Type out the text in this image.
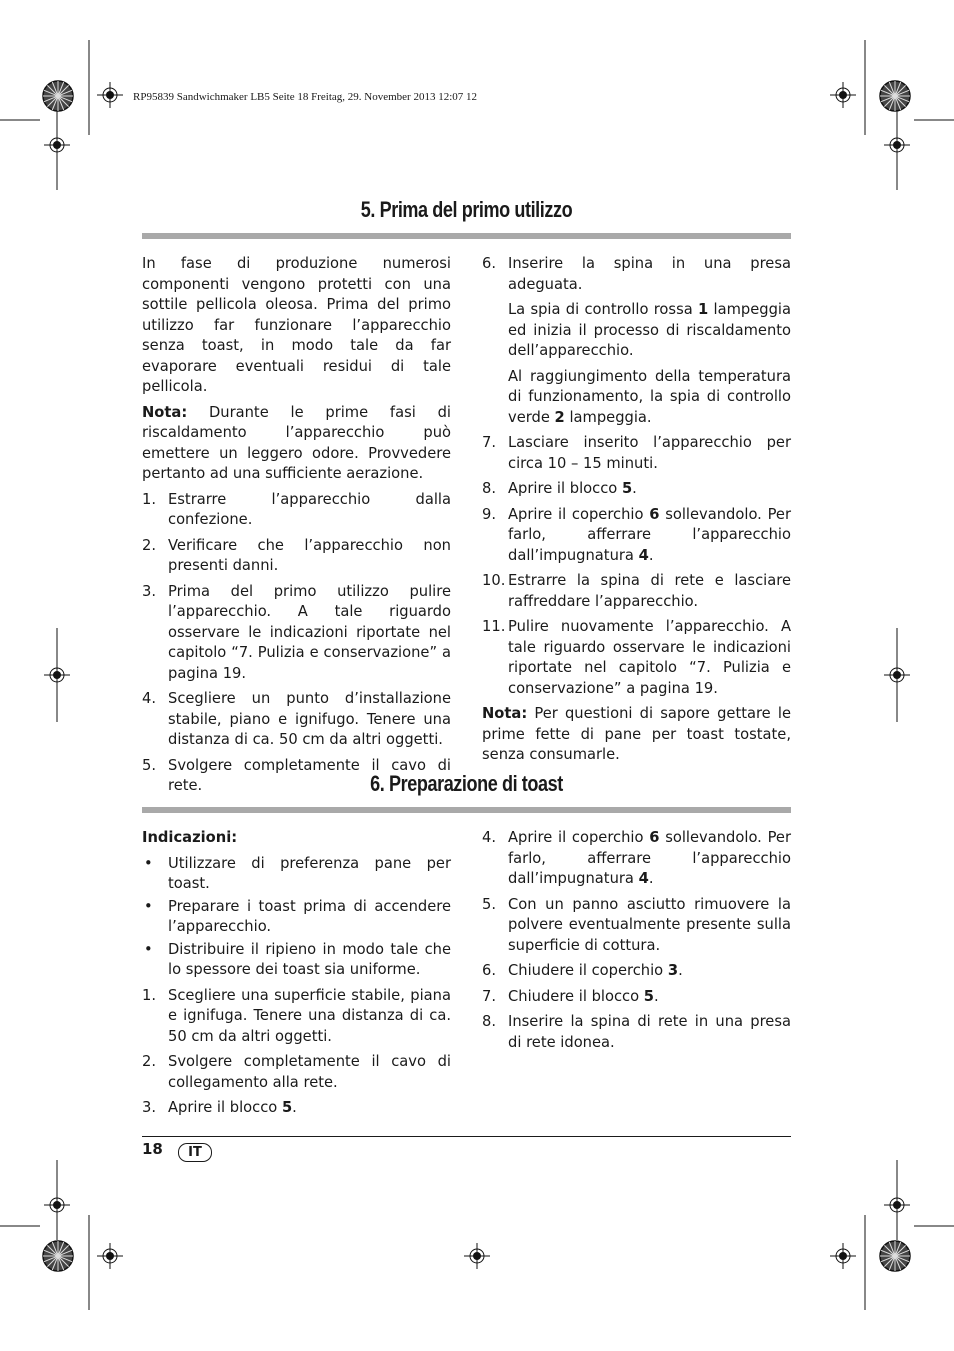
RP95839 Sandwichmaker LB5 Seite 18 Freitag, 29. November 2013 12:07 12
5. Prima del primo utilizzo

In fase di produzione numerosi componenti vengono protetti con una sottile pellicola oleosa. Prima del primo utilizzo far funzionare l’apparecchio senza toast, in modo tale da far evaporare eventuali residui di tale pellicola.

Nota: Durante le prime fasi di riscaldamento l’apparecchio può emettere un leggero odore. Provvedere pertanto ad una sufficiente aerazione.

1. Estrarre l’apparecchio dalla confezione.
2. Verificare che l’apparecchio non presenti danni.
3. Prima del primo utilizzo pulire l’apparecchio. A tale riguardo osservare le indicazioni riportate nel capitolo “7. Pulizia e conservazione” a pagina 19.
4. Scegliere un punto d’installazione stabile, piano e ignifugo. Tenere una distanza di ca. 50 cm da altri oggetti.
5. Svolgere completamente il cavo di rete.
6. Inserire la spina in una presa adeguata.

La spia di controllo rossa 1 lampeggia ed inizia il processo di riscaldamento dell’apparecchio.

Al raggiungimento della temperatura di funzionamento, la spia di controllo verde 2 lampeggia.

7. Lasciare inserito l’apparecchio per circa 10 – 15 minuti.
8. Aprire il blocco 5.
9. Aprire il coperchio 6 sollevandolo. Per farlo, afferrare l’apparecchio dall’impugnatura 4.
10. Estrarre la spina di rete e lasciare raffreddare l’apparecchio.
11. Pulire nuovamente l’apparecchio. A tale riguardo osservare le indicazioni riportate nel capitolo “7. Pulizia e conservazione” a pagina 19.

Nota: Per questioni di sapore gettare le prime fette di pane per toast tostate, senza consumarle.

6. Preparazione di toast

Indicazioni:

• Utilizzare di preferenza pane per toast.
• Preparare i toast prima di accendere l’apparecchio.
• Distribuire il ripieno in modo tale che lo spessore dei toast sia uniforme.
1. Scegliere una superficie stabile, piana e ignifuga. Tenere una distanza di ca. 50 cm da altri oggetti.
2. Svolgere completamente il cavo di collegamento alla rete.
3. Aprire il blocco 5.
4. Aprire il coperchio 6 sollevandolo. Per farlo, afferrare l’apparecchio dall’impugnatura 4.
5. Con un panno asciutto rimuovere la polvere eventualmente presente sulla superficie di cottura.
6. Chiudere il coperchio 3.
7. Chiudere il blocco 5.
8. Inserire la spina di rete in una presa di rete idonea.
18	IT
